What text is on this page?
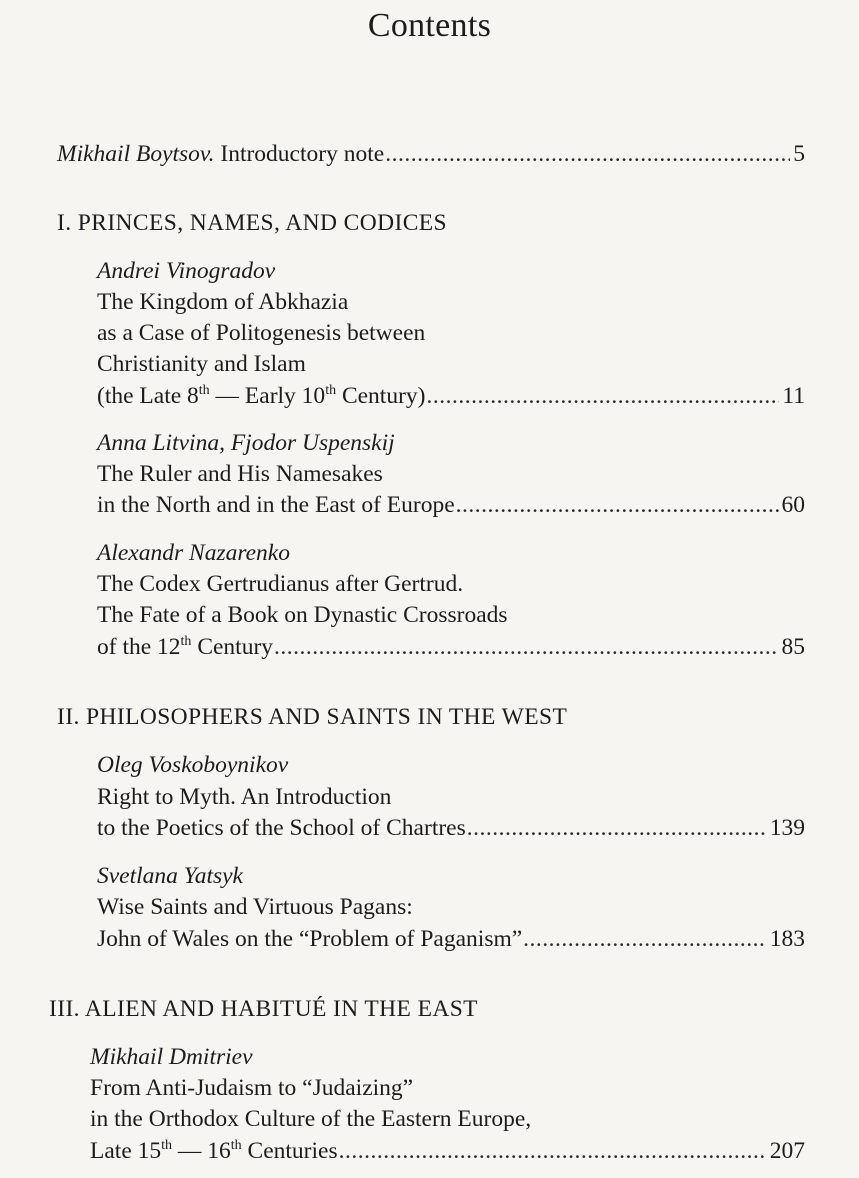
Contents
Mikhail Boytsov.
Introductory note .....	5
I. PRINCES, NAMES, AND CODICES
Andrei Vinogradov
The Kingdom of Abkhazia
as a Case of Politogenesis between
Christianity and Islam
(the Late 8th — Early 10th Century) .....	11
Anna Litvina, Fjodor Uspenskij
The Ruler and His Namesakes
in the North and in the East of Europe .....	60
Alexandr Nazarenko
The Codex Gertrudianus after Gertrud.
The Fate of a Book on Dynastic Crossroads
of the 12th Century .....	85
II. PHILOSOPHERS AND SAINTS IN THE WEST
Oleg Voskoboynikov
Right to Myth. An Introduction
to the Poetics of the School of Chartres .....	139
Svetlana Yatsyk
Wise Saints and Virtuous Pagans:
John of Wales on the “Problem of Paganism” .....	183
III. ALIEN AND HABITUÉ IN THE EAST
Mikhail Dmitriev
From Anti-Judaism to “Judaizing”
in the Orthodox Culture of the Eastern Europe,
Late 15th — 16th Centuries .....	207
